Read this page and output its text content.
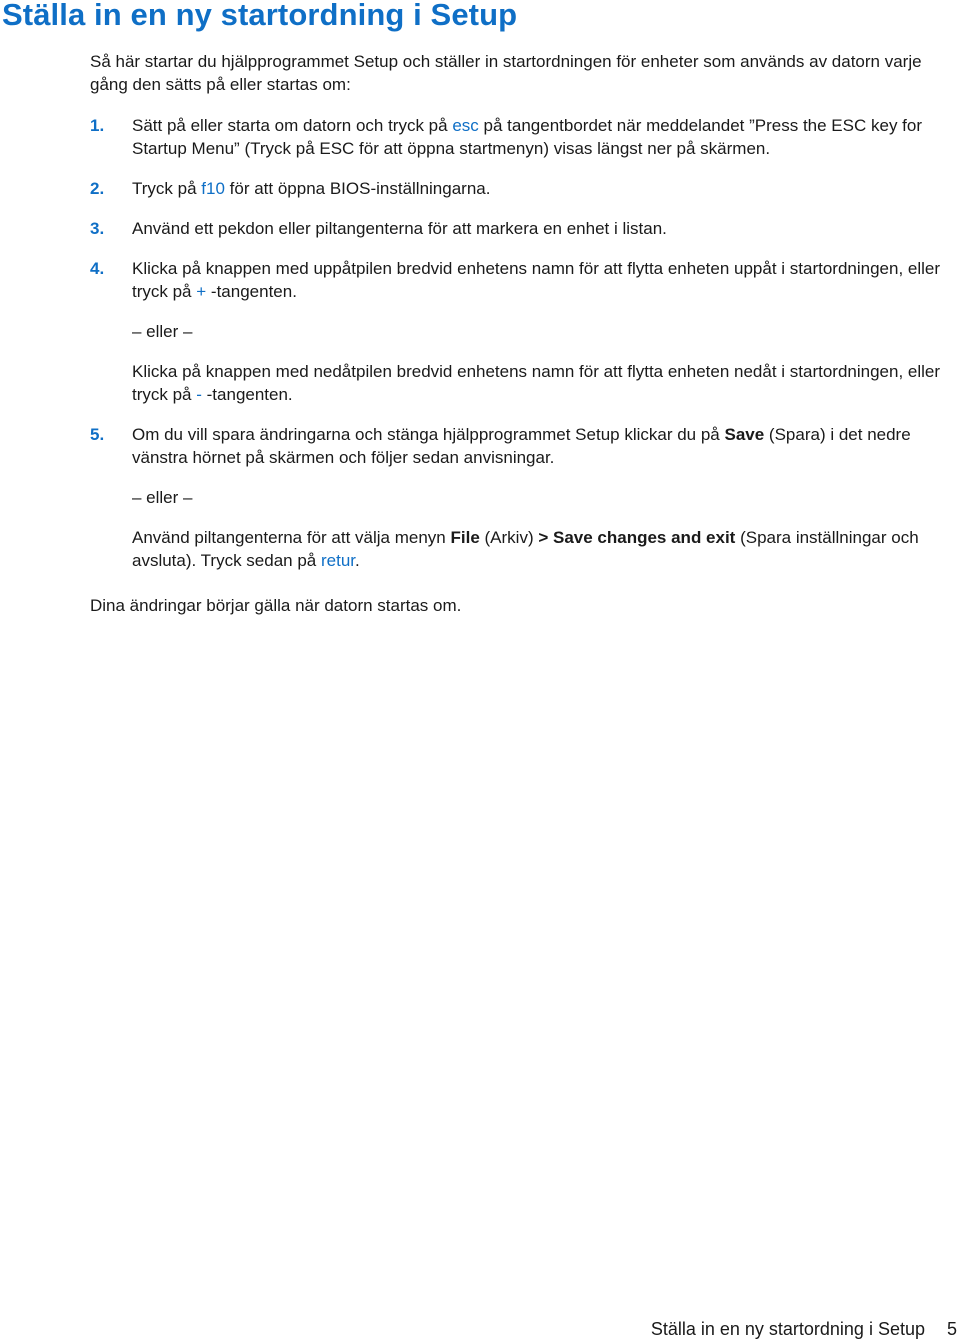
Ställa in en ny startordning i Setup

Så här startar du hjälpprogrammet Setup och ställer in startordningen för enheter som används av datorn varje gång den sätts på eller startas om:

1. Sätt på eller starta om datorn och tryck på esc på tangentbordet när meddelandet ”Press the ESC key for Startup Menu” (Tryck på ESC för att öppna startmenyn) visas längst ner på skärmen.

2. Tryck på f10 för att öppna BIOS-inställningarna.

3. Använd ett pekdon eller piltangenterna för att markera en enhet i listan.

4. Klicka på knappen med uppåtpilen bredvid enhetens namn för att flytta enheten uppåt i startordningen, eller tryck på + -tangenten.

– eller –

Klicka på knappen med nedåtpilen bredvid enhetens namn för att flytta enheten nedåt i startordningen, eller tryck på - -tangenten.

5. Om du vill spara ändringarna och stänga hjälpprogrammet Setup klickar du på Save (Spara) i det nedre vänstra hörnet på skärmen och följer sedan anvisningar.

– eller –

Använd piltangenterna för att välja menyn File (Arkiv) > Save changes and exit (Spara inställningar och avsluta). Tryck sedan på retur.

Dina ändringar börjar gälla när datorn startas om.

Ställa in en ny startordning i Setup 5
